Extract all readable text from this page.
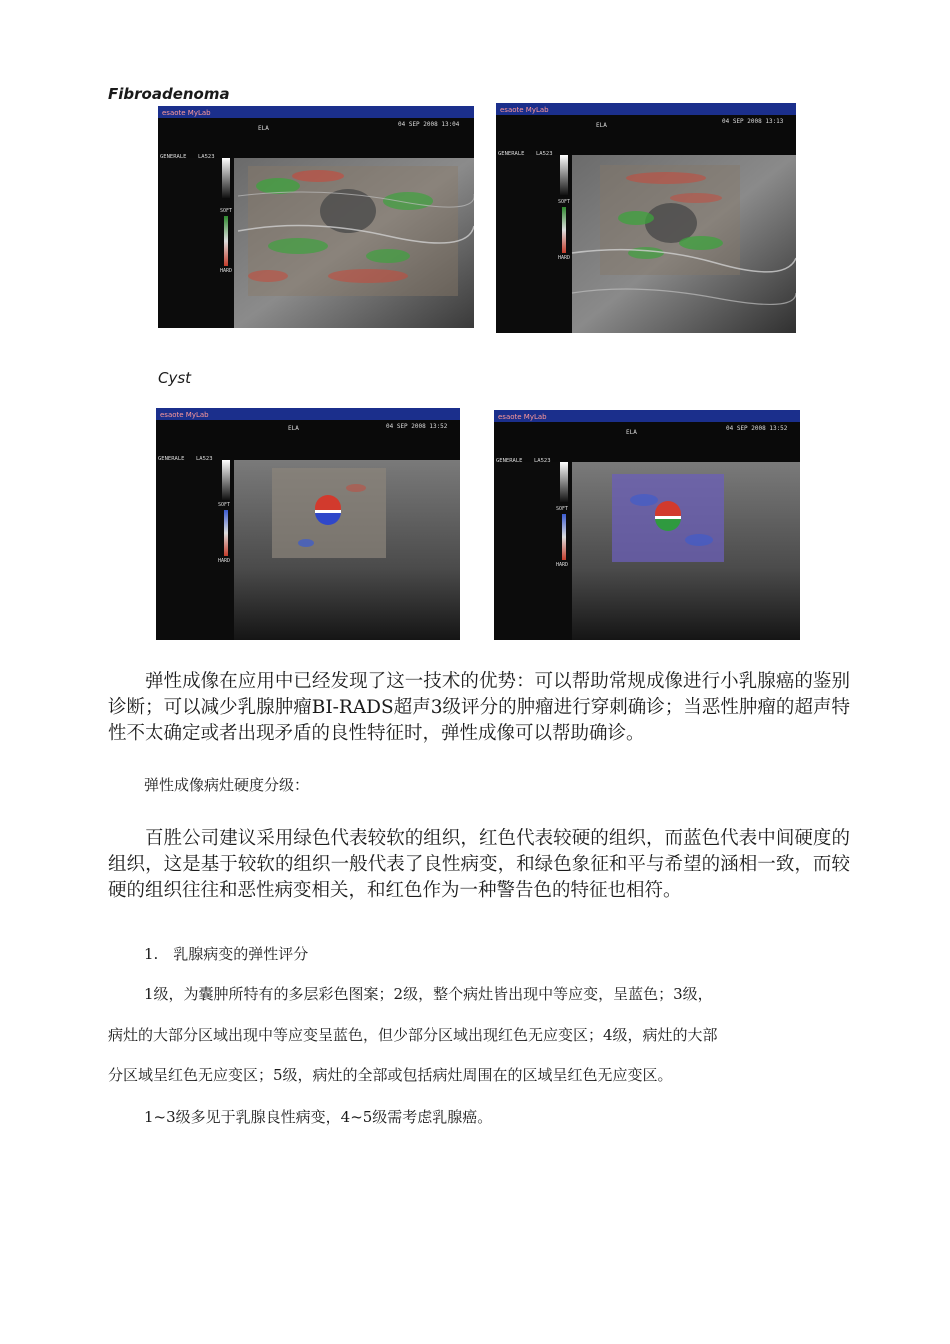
Fibroadenoma
esaote MyLab
04 SEP 2008 13:04
ELA
GENERALE LA523
SOFT
HARD
esaote MyLab
04 SEP 2008 13:13
ELA
GENERALE LA523
SOFT
HARD
Cyst
esaote MyLab
04 SEP 2008 13:52
ELA
GENERALE LA523
SOFT
HARD
esaote MyLab
04 SEP 2008 13:52
ELA
GENERALE LA523
SOFT
HARD

弹性成像在应用中已经发现了这一技术的优势：可以帮助常规成像进行小乳腺癌的鉴别诊断；可以减少乳腺肿瘤BI-RADS超声3级评分的肿瘤进行穿刺确诊；当恶性肿瘤的超声特性不太确定或者出现矛盾的良性特征时，弹性成像可以帮助确诊。

弹性成像病灶硬度分级：

百胜公司建议采用绿色代表较软的组织，红色代表较硬的组织，而蓝色代表中间硬度的组织，这是基于较软的组织一般代表了良性病变，和绿色象征和平与希望的涵相一致，而较硬的组织往往和恶性病变相关，和红色作为一种警告色的特征也相符。

1.　乳腺病变的弹性评分

1级，为囊肿所特有的多层彩色图案；2级，整个病灶皆出现中等应变，呈蓝色；3级，

病灶的大部分区域出现中等应变呈蓝色，但少部分区域出现红色无应变区；4级，病灶的大部

分区域呈红色无应变区；5级，病灶的全部或包括病灶周围在的区域呈红色无应变区。

1~3级多见于乳腺良性病变，4~5级需考虑乳腺癌。
